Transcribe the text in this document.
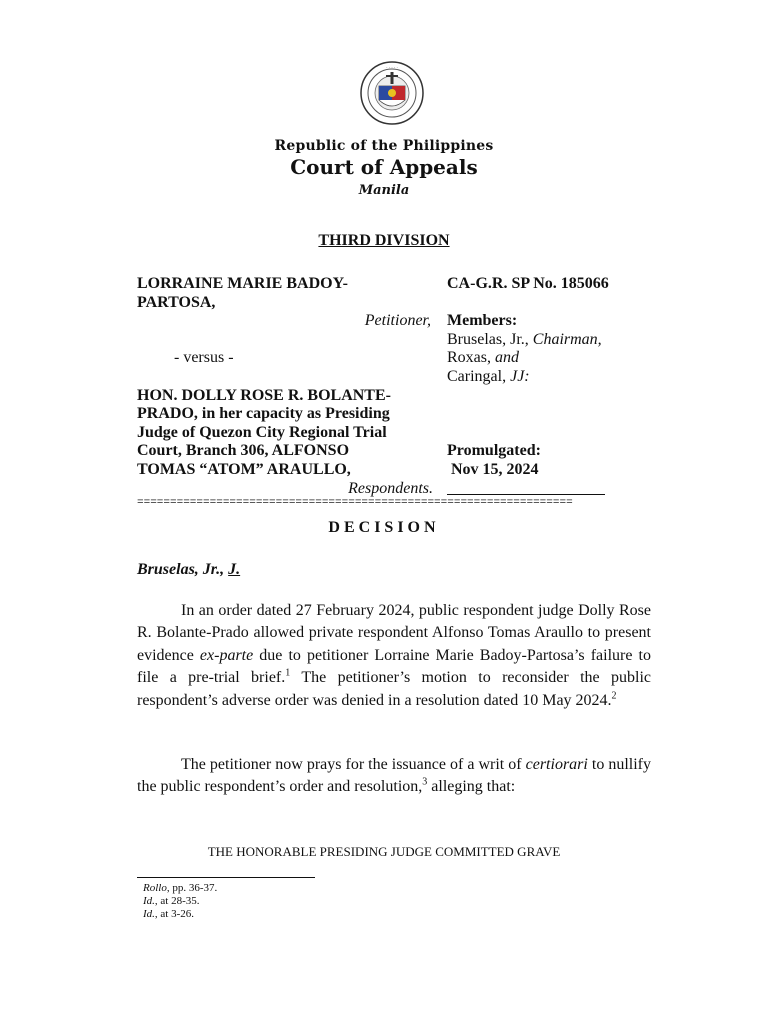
· · · · ·
Republic of the Philippines
Court of Appeals
Manila
THIRD DIVISION
LORRAINE MARIE BADOY-
PARTOSA,
Petitioner,
- versus -
HON. DOLLY ROSE R. BOLANTE-
PRADO, in her capacity as Presiding
Judge of Quezon City Regional Trial
Court, Branch 306, ALFONSO
TOMAS “ATOM” ARAULLO,
Respondents.
CA-G.R. SP No. 185066
Members:
Bruselas, Jr., Chairman,
Roxas, and
Caringal, JJ:
Promulgated:
Nov 15, 2024
==================================================================
DECISION
Bruselas, Jr., J.

In an order dated 27 February 2024, public respondent judge Dolly Rose R. Bolante-Prado allowed private respondent Alfonso Tomas Araullo to present evidence ex-parte due to petitioner Lorraine Marie Badoy-Partosa’s failure to file a pre-trial brief.$^1$ The petitioner’s motion to reconsider the public respondent’s adverse order was denied in a resolution dated 10 May 2024.$^2$

The petitioner now prays for the issuance of a writ of certiorari to nullify the public respondent’s order and resolution,$^3$ alleging that:

THE HONORABLE PRESIDING JUDGE COMMITTED GRAVE
Rollo, pp. 36-37.
Id., at 28-35.
Id., at 3-26.
